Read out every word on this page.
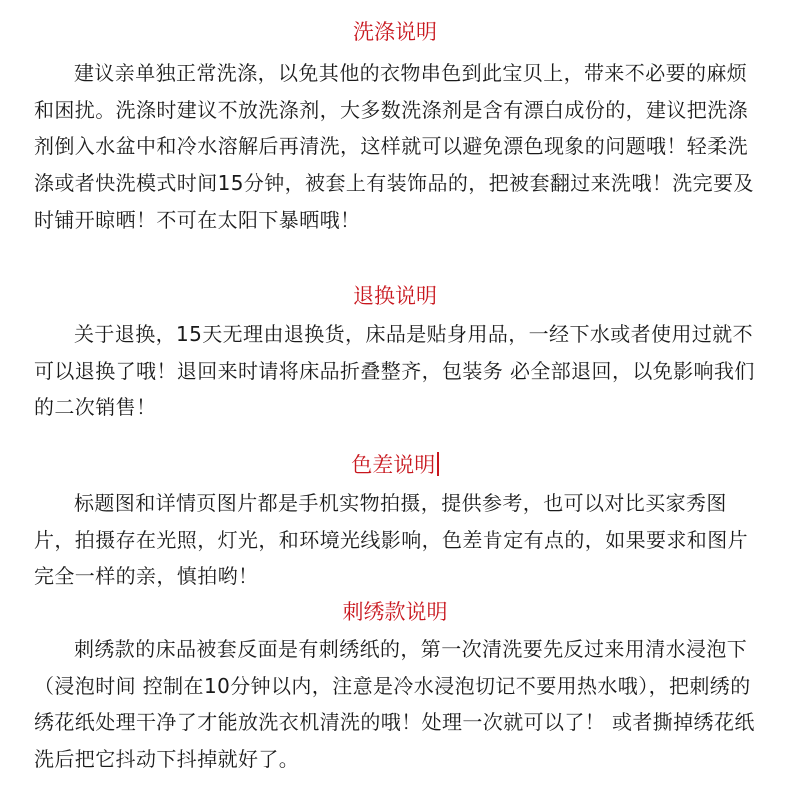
洗涤说明

建议亲单独正常洗涤，以免其他的衣物串色到此宝贝上，带来不必要的麻烦和困扰。洗涤时建议不放洗涤剂，大多数洗涤剂是含有漂白成份的，建议把洗涤剂倒入水盆中和冷水溶解后再清洗，这样就可以避免漂色现象的问题哦！轻柔洗涤或者快洗模式时间15分钟，被套上有装饰品的，把被套翻过来洗哦！洗完要及时铺开晾晒！不可在太阳下暴晒哦！

退换说明

关于退换，15天无理由退换货，床品是贴身用品，一经下水或者使用过就不可以退换了哦！退回来时请将床品折叠整齐，包装务 必全部退回，以免影响我们的二次销售！

色差说明

标题图和详情页图片都是手机实物拍摄，提供参考，也可以对比买家秀图片，拍摄存在光照，灯光，和环境光线影响，色差肯定有点的，如果要求和图片完全一样的亲，慎拍哟！

刺绣款说明

刺绣款的床品被套反面是有刺绣纸的，第一次清洗要先反过来用清水浸泡下（浸泡时间 控制在10分钟以内，注意是冷水浸泡切记不要用热水哦），把刺绣的绣花纸处理干净了才能放洗衣机清洗的哦！处理一次就可以了！ 或者撕掉绣花纸洗后把它抖动下抖掉就好了。
